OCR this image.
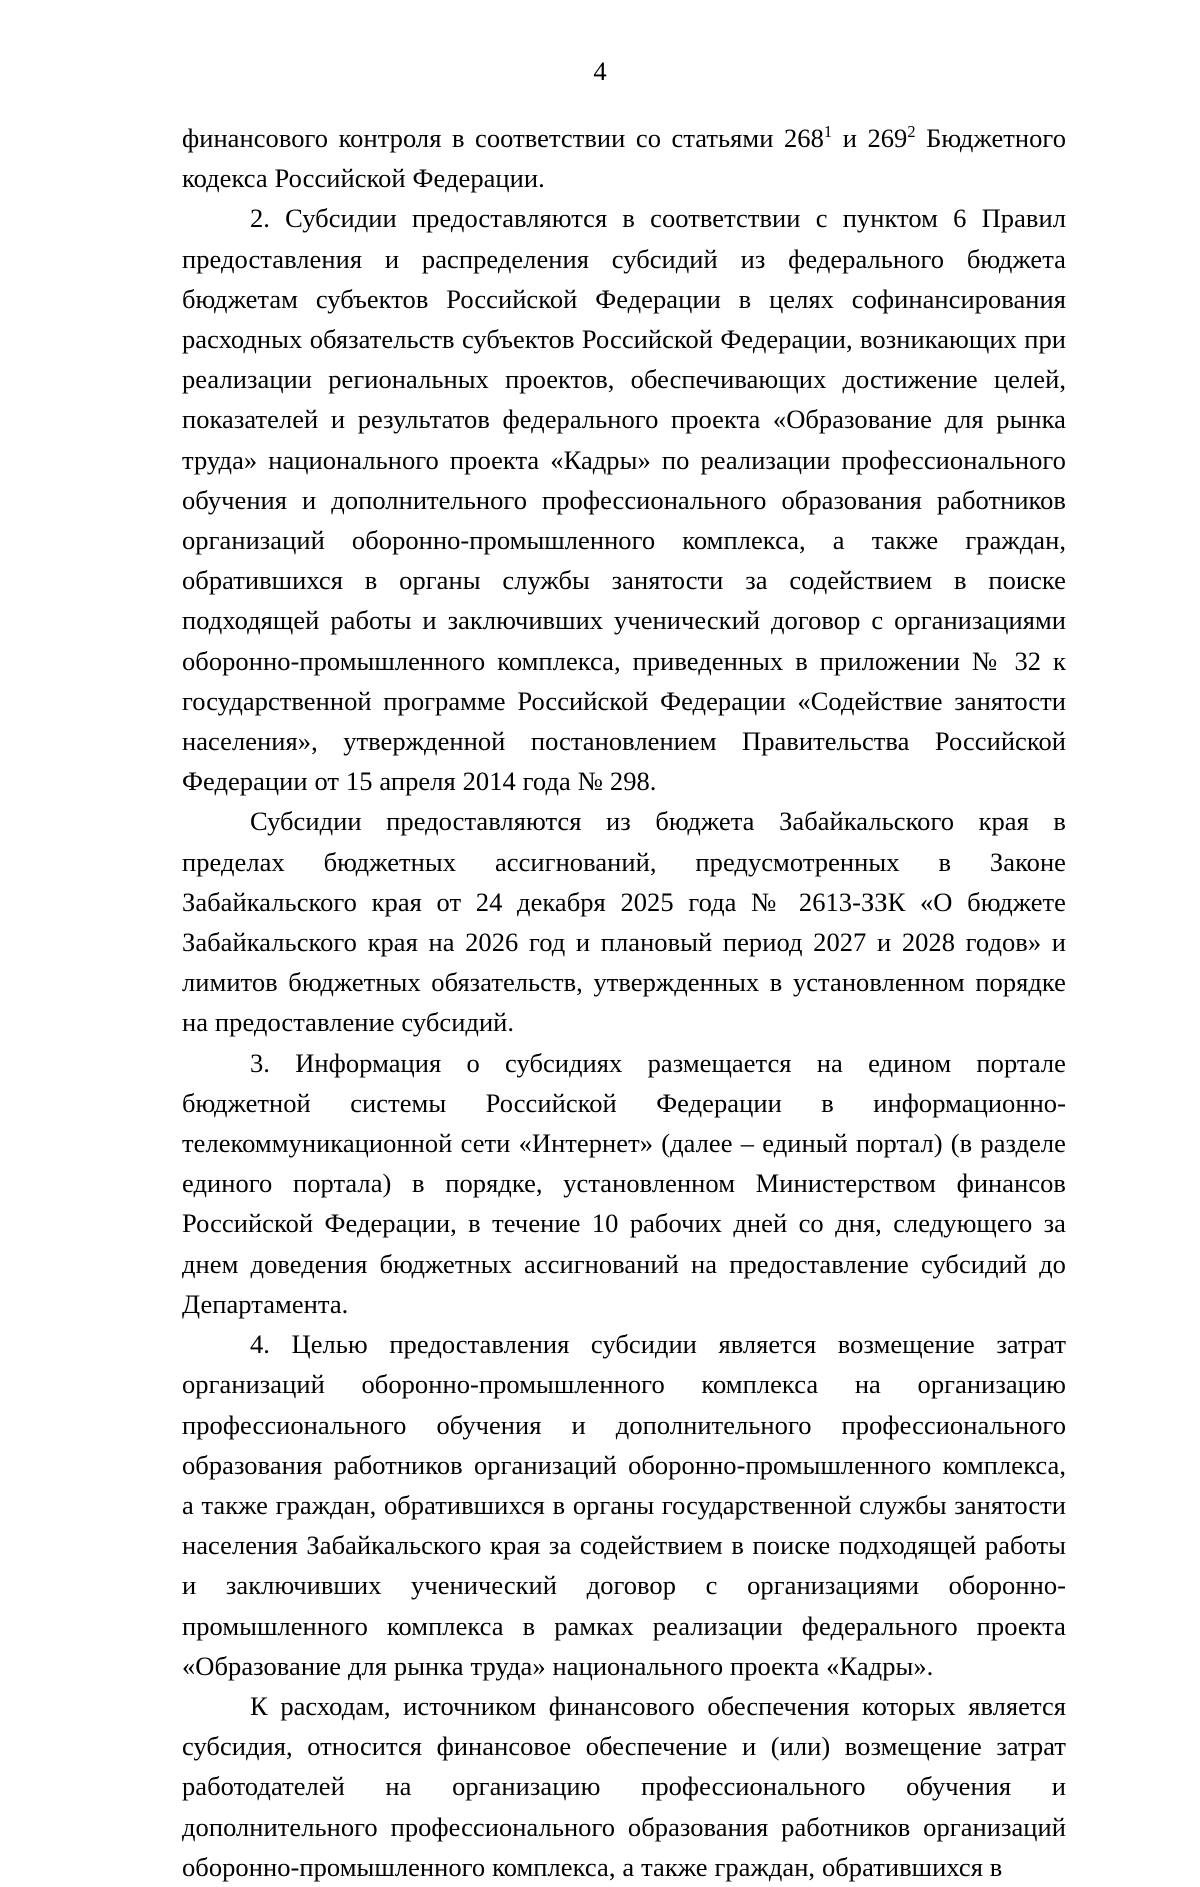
4

финансового контроля в соответствии со статьями $268^1$ и $269^2$ Бюджетного кодекса Российской Федерации.

2. Субсидии предоставляются в соответствии с пунктом 6 Правил предоставления и распределения субсидий из федерального бюджета бюджетам субъектов Российской Федерации в целях софинансирования расходных обязательств субъектов Российской Федерации, возникающих при реализации региональных проектов, обеспечивающих достижение целей, показателей и результатов федерального проекта «Образование для рынка труда» национального проекта «Кадры» по реализации профессионального обучения и дополнительного профессионального образования работников организаций оборонно-промышленного комплекса, а также граждан, обратившихся в органы службы занятости за содействием в поиске подходящей работы и заключивших ученический договор с организациями оборонно-промышленного комплекса, приведенных в приложении № 32 к государственной программе Российской Федерации «Содействие занятости населения», утвержденной постановлением Правительства Российской Федерации от 15 апреля 2014 года № 298.

Субсидии предоставляются из бюджета Забайкальского края в пределах бюджетных ассигнований, предусмотренных в Законе Забайкальского края от 24 декабря 2025 года № 2613-ЗЗК «О бюджете Забайкальского края на 2026 год и плановый период 2027 и 2028 годов» и лимитов бюджетных обязательств, утвержденных в установленном порядке на предоставление субсидий.

3. Информация о субсидиях размещается на едином портале бюджетной системы Российской Федерации в информационно-телекоммуникационной сети «Интернет» (далее – единый портал) (в разделе единого портала) в порядке, установленном Министерством финансов Российской Федерации, в течение 10 рабочих дней со дня, следующего за днем доведения бюджетных ассигнований на предоставление субсидий до Департамента.

4. Целью предоставления субсидии является возмещение затрат организаций оборонно-промышленного комплекса на организацию профессионального обучения и дополнительного профессионального образования работников организаций оборонно-промышленного комплекса, а также граждан, обратившихся в органы государственной службы занятости населения Забайкальского края за содействием в поиске подходящей работы и заключивших ученический договор с организациями оборонно-промышленного комплекса в рамках реализации федерального проекта «Образование для рынка труда» национального проекта «Кадры».

К расходам, источником финансового обеспечения которых является субсидия, относится финансовое обеспечение и (или) возмещение затрат работодателей на организацию профессионального обучения и дополнительного профессионального образования работников организаций оборонно-промышленного комплекса, а также граждан, обратившихся в
